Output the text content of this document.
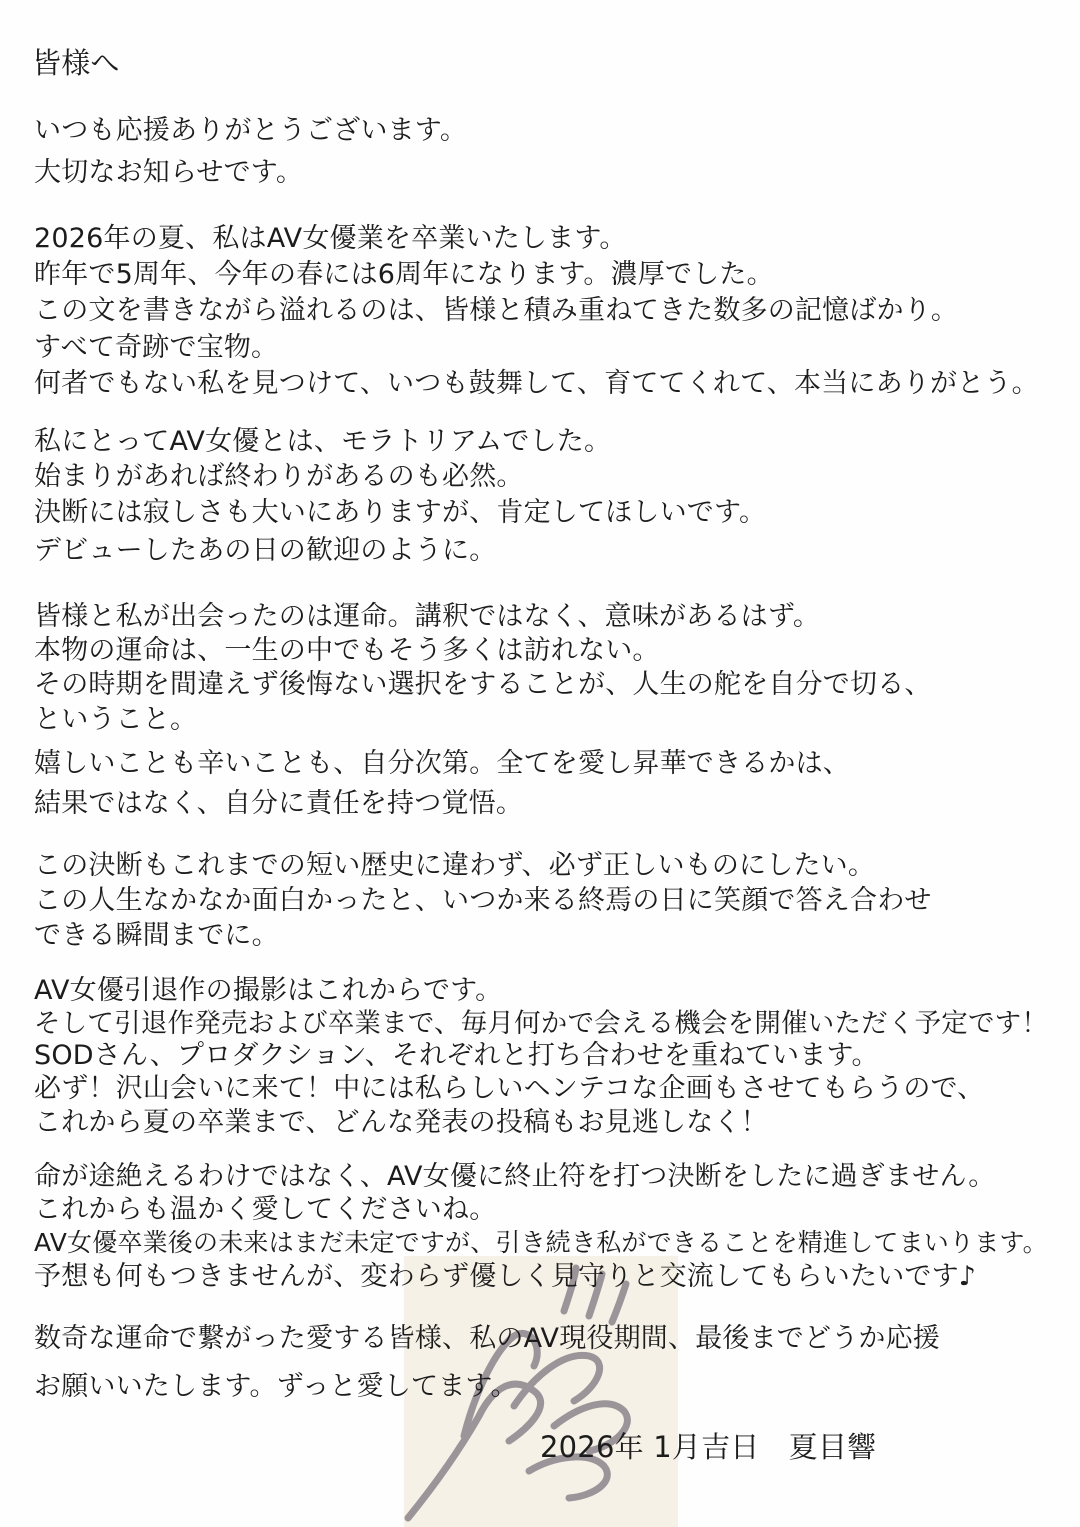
皆様へ
いつも応援ありがとうございます。
大切なお知らせです。
2026年の夏、私はAV女優業を卒業いたします。
昨年で5周年、今年の春には6周年になります。濃厚でした。
この文を書きながら溢れるのは、皆様と積み重ねてきた数多の記憶ばかり。
すべて奇跡で宝物。
何者でもない私を見つけて、いつも鼓舞して、育ててくれて、本当にありがとう。
私にとってAV女優とは、モラトリアムでした。
始まりがあれば終わりがあるのも必然。
決断には寂しさも大いにありますが、肯定してほしいです。
デビューしたあの日の歓迎のように。
皆様と私が出会ったのは運命。講釈ではなく、意味があるはず。
本物の運命は、一生の中でもそう多くは訪れない。
その時期を間違えず後悔ない選択をすることが、人生の舵を自分で切る、
ということ。
嬉しいことも辛いことも、自分次第。全てを愛し昇華できるかは、
結果ではなく、自分に責任を持つ覚悟。
この決断もこれまでの短い歴史に違わず、必ず正しいものにしたい。
この人生なかなか面白かったと、いつか来る終焉の日に笑顔で答え合わせ
できる瞬間までに。
AV女優引退作の撮影はこれからです。
そして引退作発売および卒業まで、毎月何かで会える機会を開催いただく予定です！
SODさん、プロダクション、それぞれと打ち合わせを重ねています。
必ず！沢山会いに来て！中には私らしいヘンテコな企画もさせてもらうので、
これから夏の卒業まで、どんな発表の投稿もお見逃しなく！
命が途絶えるわけではなく、AV女優に終止符を打つ決断をしたに過ぎません。
これからも温かく愛してくださいね。
AV女優卒業後の未来はまだ未定ですが、引き続き私ができることを精進してまいります。
予想も何もつきませんが、変わらず優しく見守りと交流してもらいたいです♪
数奇な運命で繋がった愛する皆様、私のAV現役期間、最後までどうか応援
お願いいたします。ずっと愛してます。
2026年 1月吉日　夏目響
